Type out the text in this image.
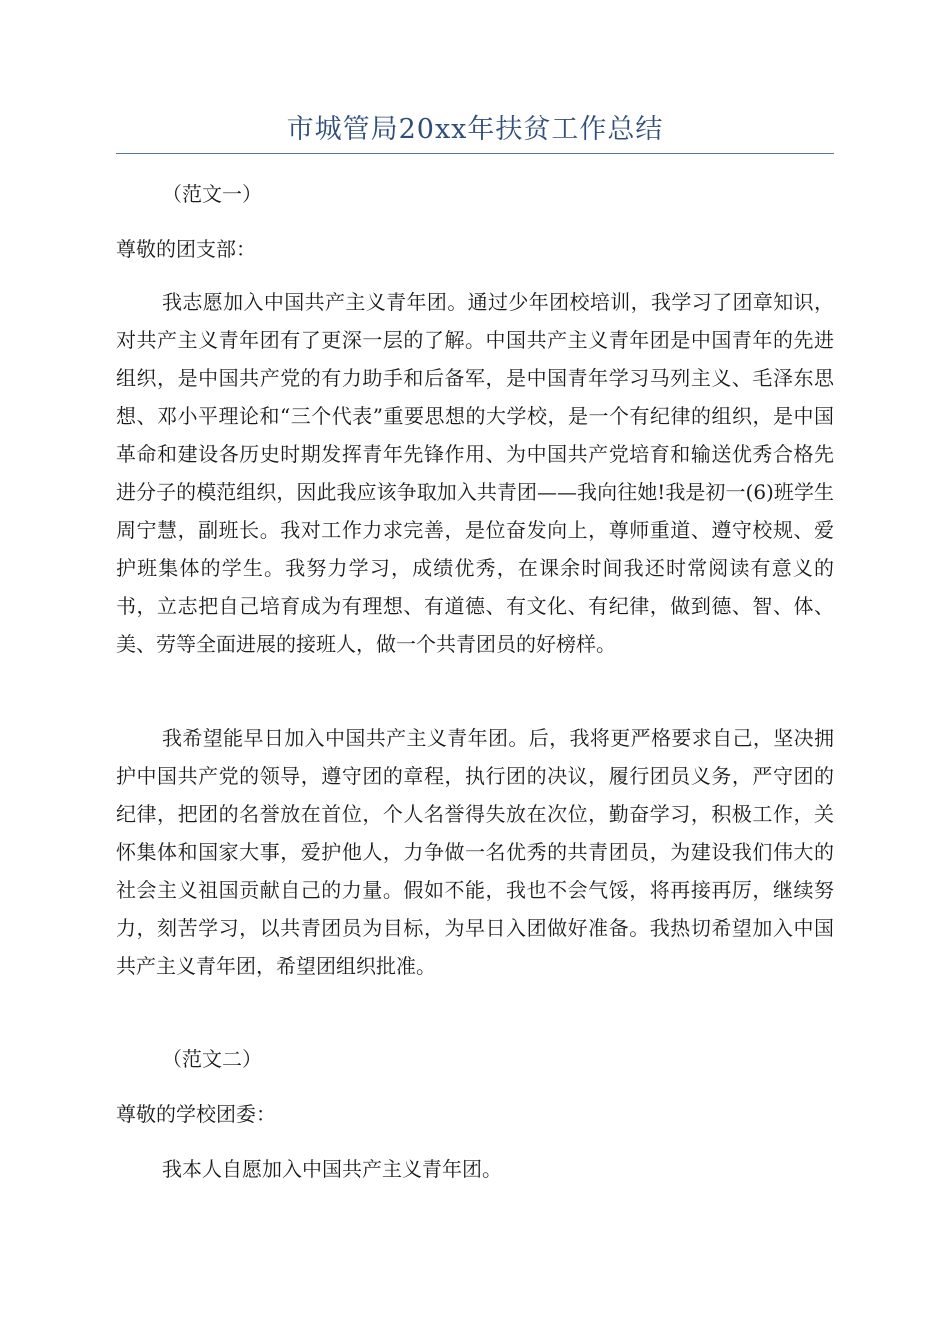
市城管局20xx年扶贫工作总结
（范文一）
尊敬的团支部：

我志愿加入中国共产主义青年团。通过少年团校培训，我学习了团章知识，对共产主义青年团有了更深一层的了解。中国共产主义青年团是中国青年的先进组织，是中国共产党的有力助手和后备军，是中国青年学习马列主义、毛泽东思想、邓小平理论和“三个代表”重要思想的大学校，是一个有纪律的组织，是中国革命和建设各历史时期发挥青年先锋作用、为中国共产党培育和输送优秀合格先进分子的模范组织，因此我应该争取加入共青团——我向往她!我是初一(6)班学生周宁慧，副班长。我对工作力求完善，是位奋发向上，尊师重道、遵守校规、爱护班集体的学生。我努力学习，成绩优秀，在课余时间我还时常阅读有意义的书，立志把自己培育成为有理想、有道德、有文化、有纪律，做到德、智、体、美、劳等全面进展的接班人，做一个共青团员的好榜样。

我希望能早日加入中国共产主义青年团。后，我将更严格要求自己，坚决拥护中国共产党的领导，遵守团的章程，执行团的决议，履行团员义务，严守团的纪律，把团的名誉放在首位，个人名誉得失放在次位，勤奋学习，积极工作，关怀集体和国家大事，爱护他人，力争做一名优秀的共青团员，为建设我们伟大的社会主义祖国贡献自己的力量。假如不能，我也不会气馁，将再接再厉，继续努力，刻苦学习，以共青团员为目标，为早日入团做好准备。我热切希望加入中国共产主义青年团，希望团组织批准。

（范文二）
尊敬的学校团委：

我本人自愿加入中国共产主义青年团。
